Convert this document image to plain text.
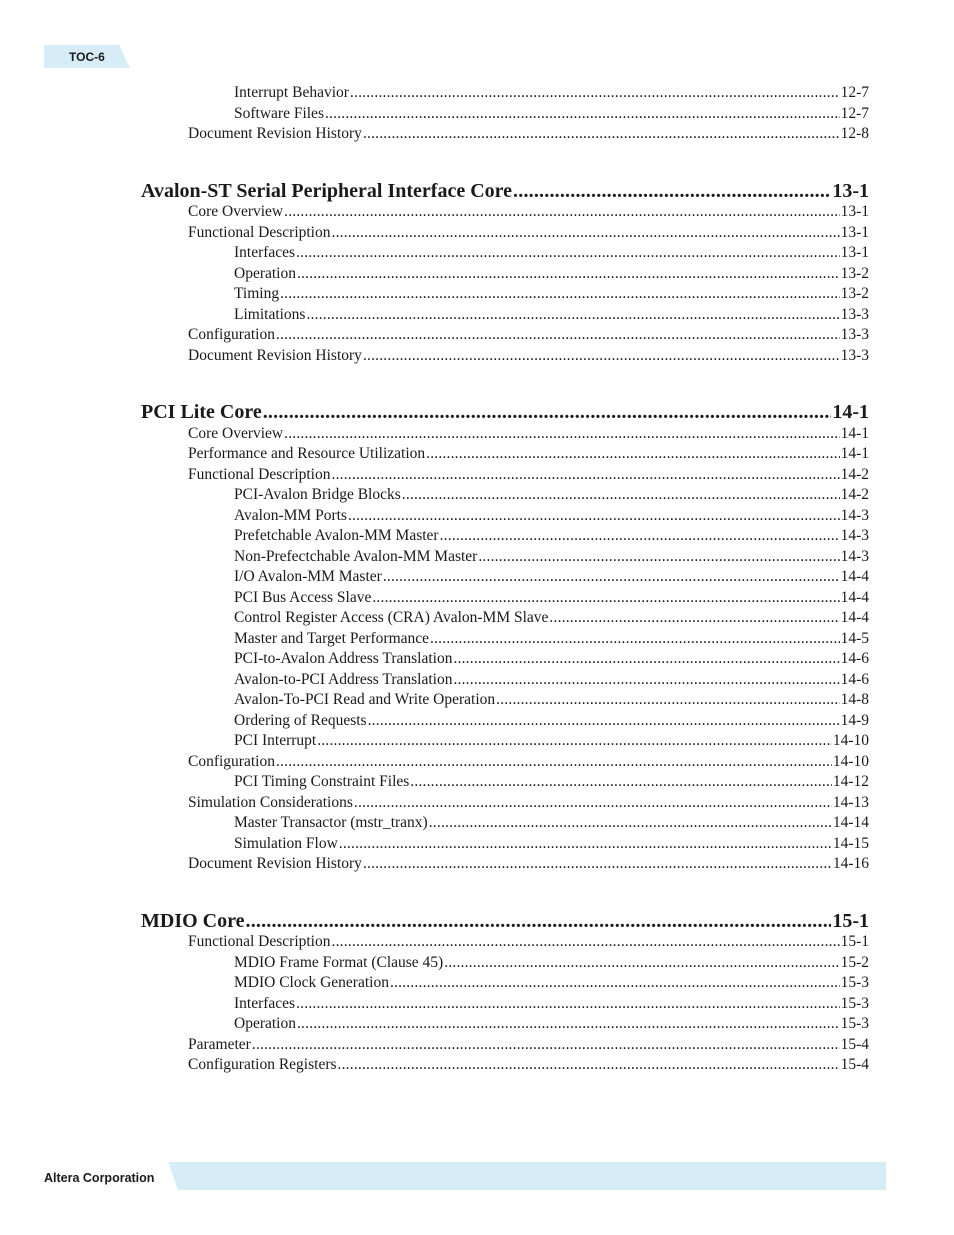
TOC-6
Interrupt Behavior .....	12-7
Software Files .....	12-7
Document Revision History .....	12-8
Avalon-ST Serial Peripheral Interface Core .....	13-1
Core Overview .....	13-1
Functional Description .....	13-1
Interfaces .....	13-1
Operation .....	13-2
Timing .....	13-2
Limitations .....	13-3
Configuration .....	13-3
Document Revision History .....	13-3
PCI Lite Core .....	14-1
Core Overview .....	14-1
Performance and Resource Utilization .....	14-1
Functional Description .....	14-2
PCI-Avalon Bridge Blocks .....	14-2
Avalon-MM Ports .....	14-3
Prefetchable Avalon-MM Master .....	14-3
Non-Prefectchable Avalon-MM Master .....	14-3
I/O Avalon-MM Master .....	14-4
PCI Bus Access Slave .....	14-4
Control Register Access (CRA) Avalon-MM Slave .....	14-4
Master and Target Performance .....	14-5
PCI-to-Avalon Address Translation .....	14-6
Avalon-to-PCI Address Translation .....	14-6
Avalon-To-PCI Read and Write Operation .....	14-8
Ordering of Requests .....	14-9
PCI Interrupt .....	14-10
Configuration .....	14-10
PCI Timing Constraint Files .....	14-12
Simulation Considerations .....	14-13
Master Transactor (mstr_tranx) .....	14-14
Simulation Flow .....	14-15
Document Revision History .....	14-16
MDIO Core .....	15-1
Functional Description .....	15-1
MDIO Frame Format (Clause 45) .....	15-2
MDIO Clock Generation .....	15-3
Interfaces .....	15-3
Operation .....	15-3
Parameter .....	15-4
Configuration Registers .....	15-4
Altera Corporation
